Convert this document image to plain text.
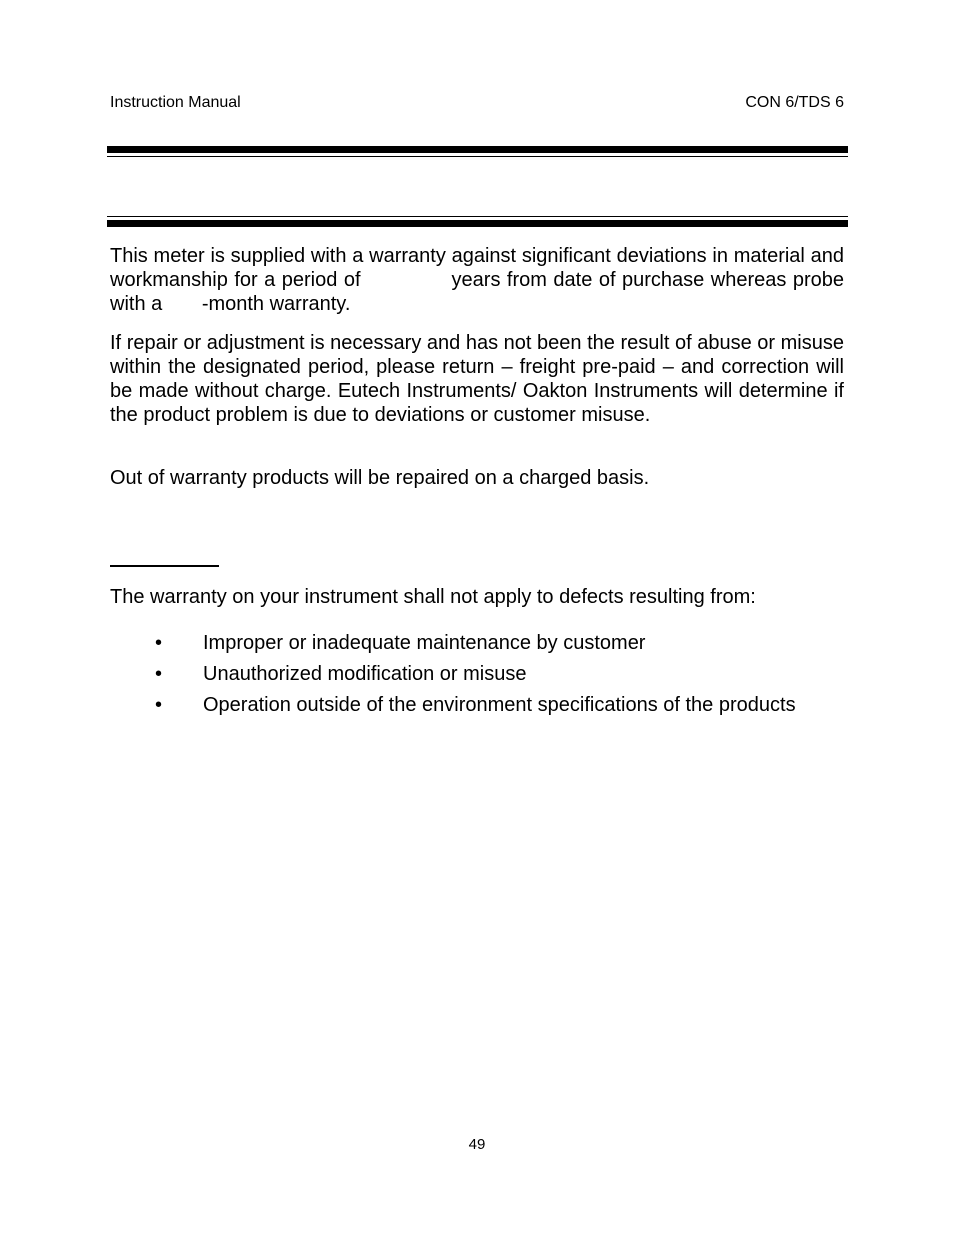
Instruction Manual	CON 6/TDS 6
This meter is supplied with a warranty against significant deviations in material and workmanship for a period of	years from date of purchase whereas probe with a -month warranty.
If repair or adjustment is necessary and has not been the result of abuse or misuse within the designated period, please return – freight pre-paid – and correction will be made without charge. Eutech Instruments/ Oakton Instruments will determine if the product problem is due to deviations or customer misuse.
Out of warranty products will be repaired on a charged basis.
The warranty on your instrument shall not apply to defects resulting from:
• Improper or inadequate maintenance by customer
• Unauthorized modification or misuse
• Operation outside of the environment specifications of the products
49
